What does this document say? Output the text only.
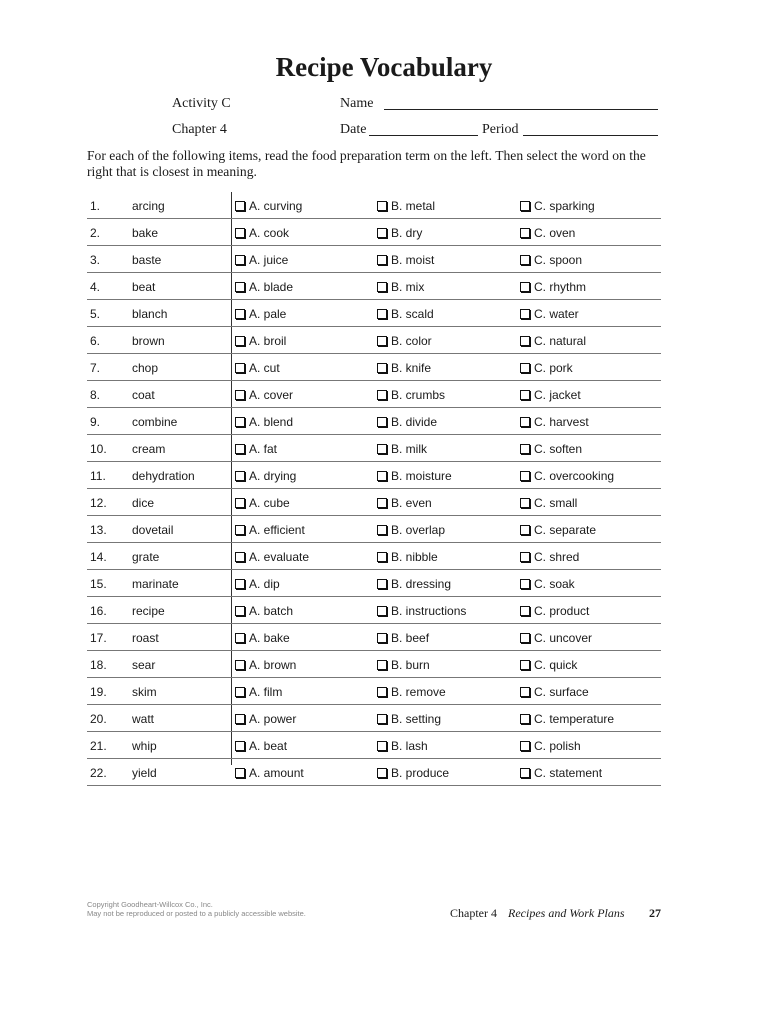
Recipe Vocabulary
Activity C	Name
Chapter 4	Date	Period
For each of the following items, read the food preparation term on the left. Then select the word on the right that is closest in meaning.
1.	arcing	A. curving	B. metal	C. sparking
2.	bake	A. cook	B. dry	C. oven
3.	baste	A. juice	B. moist	C. spoon
4.	beat	A. blade	B. mix	C. rhythm
5.	blanch	A. pale	B. scald	C. water
6.	brown	A. broil	B. color	C. natural
7.	chop	A. cut	B. knife	C. pork
8.	coat	A. cover	B. crumbs	C. jacket
9.	combine	A. blend	B. divide	C. harvest
10. cream	A. fat	B. milk	C. soften
11. dehydration	A. drying	B. moisture	C. overcooking
12. dice	A. cube	B. even	C. small
13. dovetail	A. efficient	B. overlap	C. separate
14. grate	A. evaluate	B. nibble	C. shred
15. marinate	A. dip	B. dressing	C. soak
16. recipe	A. batch	B. instructions	C. product
17. roast	A. bake	B. beef	C. uncover
18. sear	A. brown	B. burn	C. quick
19. skim	A. film	B. remove	C. surface
20. watt	A. power	B. setting	C. temperature
21. whip	A. beat	B. lash	C. polish
22. yield	A. amount	B. produce	C. statement
Copyright Goodheart-Willcox Co., Inc.
May not be reproduced or posted to a publicly accessible website.	Chapter 4 Recipes and Work Plans 27
